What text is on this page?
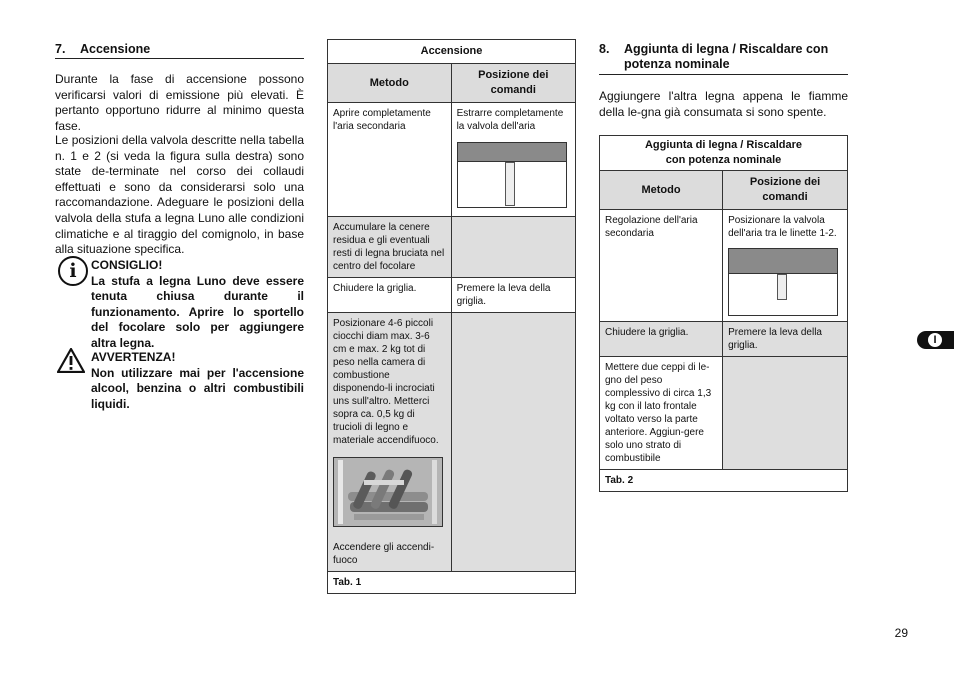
7. Accensione
Durante la fase di accensione possono verificarsi valori di emissione più elevati. È pertanto opportuno ridurre al minimo questa fase.
Le posizioni della valvola descritte nella tabella n. 1 e 2 (si veda la figura sulla destra) sono state de-terminate nel corso dei collaudi effettuati e sono da considerarsi solo una raccomandazione. Adeguare le posizioni della valvola della stufa a legna Luno alle condizioni climatiche e al tiraggio del comignolo, in base alla situazione specifica.
i	CONSIGLIO!
La stufa a legna Luno deve essere tenuta chiusa durante il funzionamento. Aprire lo sportello del focolare solo per aggiungere altra legna.
AVVERTENZA!
Non utilizzare mai per l'accensione alcool, benzina o altri combustibili liquidi.
Accensione	
Metodo	Posizione dei comandi
Aprire completamente l'aria secondaria	Estrarre completamente la valvola dell'aria

Accumulare la cenere residua e gli eventuali resti di legna bruciata nel centro del focolare	
Chiudere la griglia.	Premere la leva della griglia.

Posizionare 4-6 piccoli ciocchi diam max. 3-6 cm e max. 2 kg tot di peso nella camera di combustione disponendo-li incrociati uns sull'altro. Metterci sopra ca. 0,5 kg di trucioli di legno e materiale accendifuoco.
Accendere gli accendi-fuoco	

Tab. 1	
8.	Aggiunta di legna / Riscaldare con potenza nominale
Aggiungere l'altra legna appena le fiamme della le-gna già consumata si sono spente.
Aggiunta di legna / Riscaldare con potenza nominale	
Metodo	Posizione dei comandi
Regolazione dell'aria secondaria	Posizionare la valvola dell'aria tra le linette 1-2.

Chiudere la griglia.	Premere la leva della griglia.
Mettere due ceppi di le-gno del peso complessivo di circa 1,3 kg con il lato frontale voltato verso la parte anteriore. Aggiun-gere solo uno strato di combustibile	
Tab. 2	
I
29
